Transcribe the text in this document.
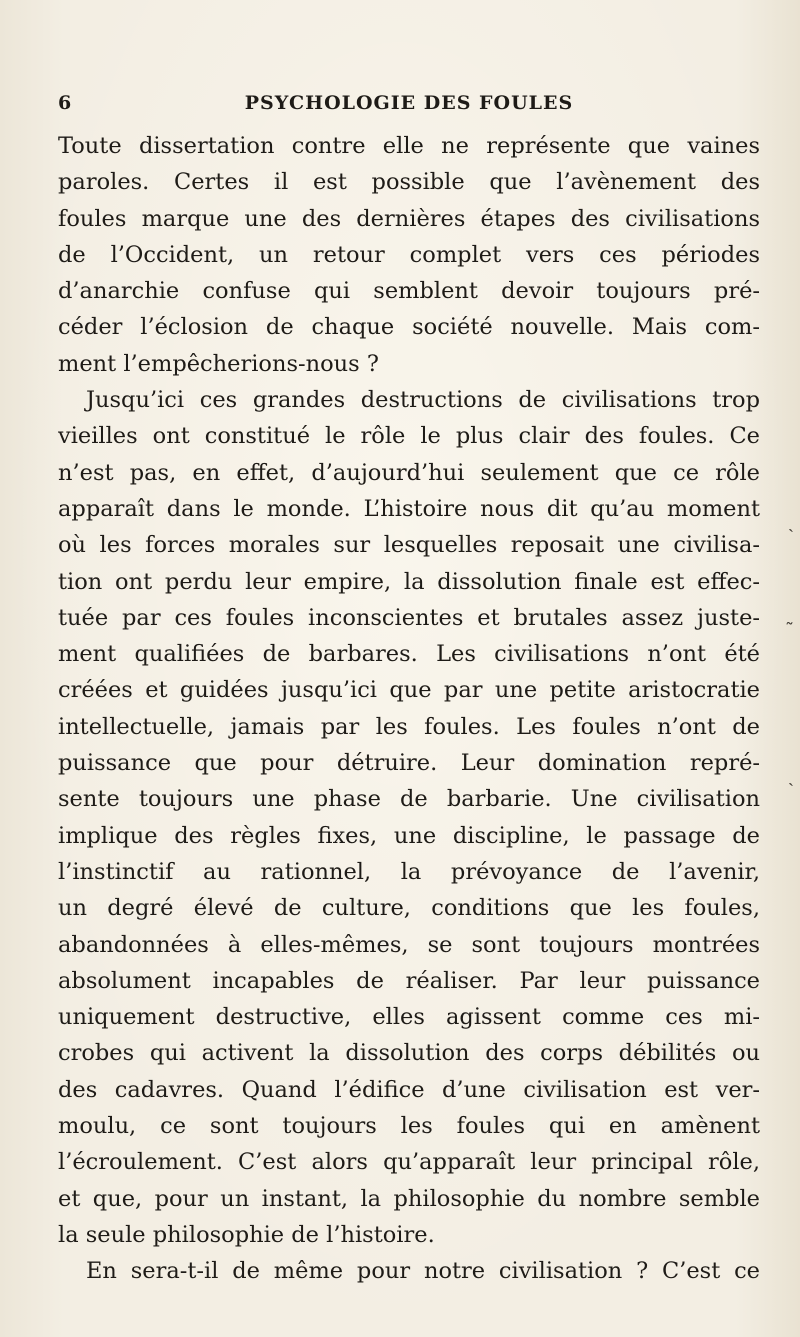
6	PSYCHOLOGIE DES FOULES
Toute dissertation contre elle ne représente que vaines
paroles. Certes il est possible que l’avènement des
foules marque une des dernières étapes des civilisations
de l’Occident, un retour complet vers ces périodes
d’anarchie confuse qui semblent devoir toujours pré-
céder l’éclosion de chaque société nouvelle. Mais com-
ment l’empêcherions-nous ?
Jusqu’ici ces grandes destructions de civilisations trop
vieilles ont constitué le rôle le plus clair des foules. Ce
n’est pas, en effet, d’aujourd’hui seulement que ce rôle
apparaît dans le monde. L’histoire nous dit qu’au moment
où les forces morales sur lesquelles reposait une civilisa-
tion ont perdu leur empire, la dissolution finale est effec-
tuée par ces foules inconscientes et brutales assez juste-
ment qualifiées de barbares. Les civilisations n’ont été
créées et guidées jusqu’ici que par une petite aristocratie
intellectuelle, jamais par les foules. Les foules n’ont de
puissance que pour détruire. Leur domination repré-
sente toujours une phase de barbarie. Une civilisation
implique des règles fixes, une discipline, le passage de
l’instinctif au rationnel, la prévoyance de l’avenir,
un degré élevé de culture, conditions que les foules,
abandonnées à elles-mêmes, se sont toujours montrées
absolument incapables de réaliser. Par leur puissance
uniquement destructive, elles agissent comme ces mi-
crobes qui activent la dissolution des corps débilités ou
des cadavres. Quand l’édifice d’une civilisation est ver-
moulu, ce sont toujours les foules qui en amènent
l’écroulement. C’est alors qu’apparaît leur principal rôle,
et que, pour un instant, la philosophie du nombre semble
la seule philosophie de l’histoire.
En sera-t-il de même pour notre civilisation ? C’est ce
ˏ
˜
ˏ
